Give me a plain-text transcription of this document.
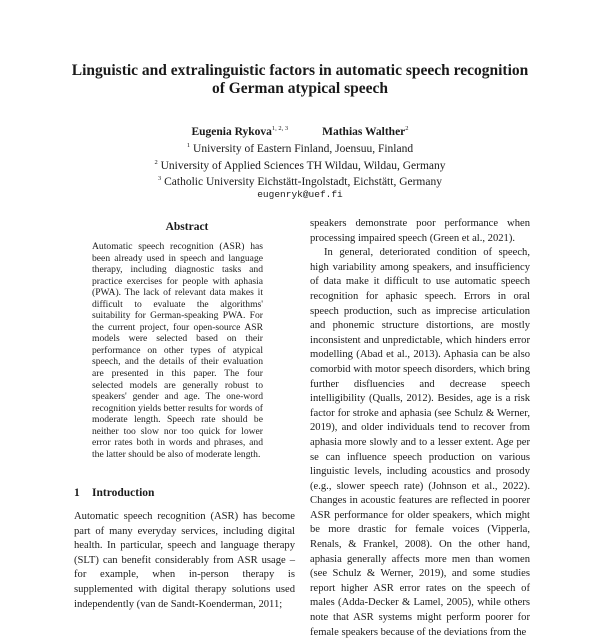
Linguistic and extralinguistic factors in automatic speech recognition
of German atypical speech
Eugenia Rykova$^{1, 2, 3}$	Mathias Walther$^2$
$^1$ University of Eastern Finland, Joensuu, Finland
$^2$ University of Applied Sciences TH Wildau, Wildau, Germany
$^3$ Catholic University Eichstätt-Ingolstadt, Eichstätt, Germany
eugenryk@uef.fi
Abstract
Automatic speech recognition (ASR) has been already used in speech and language therapy, including diagnostic tasks and practice exercises for people with aphasia (PWA). The lack of relevant data makes it difficult to evaluate the algorithms' suitability for German-speaking PWA. For the current project, four open-source ASR models were selected based on their performance on other types of atypical speech, and the details of their evaluation are presented in this paper. The four selected models are generally robust to speakers' gender and age. The one-word recognition yields better results for words of moderate length. Speech rate should be neither too slow nor too quick for lower error rates both in words and phrases, and the latter should be also of moderate length.
1 Introduction
Automatic speech recognition (ASR) has become part of many everyday services, including digital health. In particular, speech and language therapy (SLT) can benefit considerably from ASR usage – for example, when in-person therapy is supplemented with digital therapy solutions used independently (van de Sandt-Koenderman, 2011;

speakers demonstrate poor performance when processing impaired speech (Green et al., 2021).

In general, deteriorated condition of speech, high variability among speakers, and insufficiency of data make it difficult to use automatic speech recognition for aphasic speech. Errors in oral speech production, such as imprecise articulation and phonemic structure distortions, are mostly inconsistent and unpredictable, which hinders error modelling (Abad et al., 2013). Aphasia can be also comorbid with motor speech disorders, which bring further disfluencies and decrease speech intelligibility (Qualls, 2012). Besides, age is a risk factor for stroke and aphasia (see Schulz & Werner, 2019), and older individuals tend to recover from aphasia more slowly and to a lesser extent. Age per se can influence speech production on various linguistic levels, including acoustics and prosody (e.g., slower speech rate) (Johnson et al., 2022). Changes in acoustic features are reflected in poorer ASR performance for older speakers, which might be more drastic for female voices (Vipperla, Renals, & Frankel, 2008). On the other hand, aphasia generally affects more men than women (see Schulz & Werner, 2019), and some studies report higher ASR error rates on the speech of males (Adda-Decker & Lamel, 2005), while others note that ASR systems might perform poorer for female speakers because of the deviations from the
